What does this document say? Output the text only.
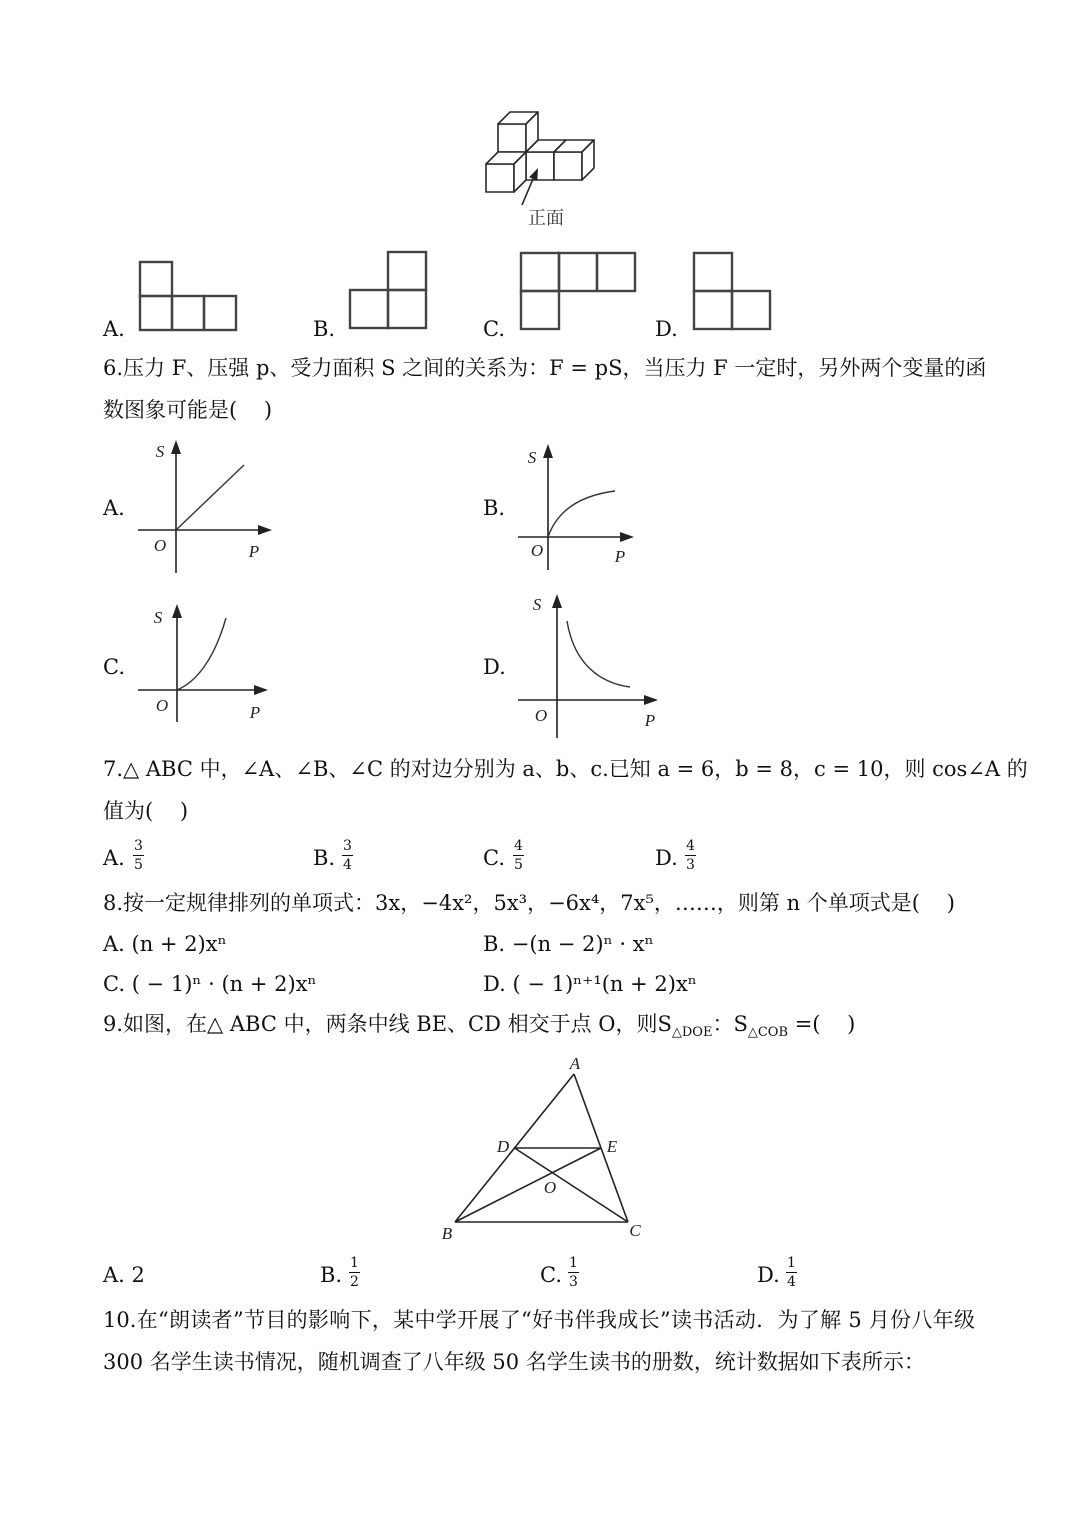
正面
A.	B.	C.	D.
6.压力 F、压强 p、受力面积 S 之间的关系为：F = pS，当压力 F 一定时，另外两个变量的函
数图象可能是(    )
A.
S
O	P
B.
S
O	P
C.
S
O	P
D.
S
O	P
7.△ ABC 中，∠A、∠B、∠C 的对边分别为 a、b、c.已知 a = 6，b = 8，c = 10，则 cos∠A 的
值为(    )
A. $\frac{3}{5}$	B. $\frac{3}{4}$	C. $\frac{4}{5}$	D. $\frac{4}{3}$
8.按一定规律排列的单项式：3x，−4x²，5x³，−6x⁴，7x⁵，……，则第 n 个单项式是(    )
A. (n + 2)xⁿ	B. −(n − 2)ⁿ · xⁿ
C. ( − 1)ⁿ · (n + 2)xⁿ	D. ( − 1)ⁿ⁺¹(n + 2)xⁿ
9.如图，在△ ABC 中，两条中线 BE、CD 相交于点 O，则$S_{\triangle DOE}$：$S_{\triangle COB}$ =(    )
A
B	C
D	E
O
A. 2	B. $\frac{1}{2}$	C. $\frac{1}{3}$	D. $\frac{1}{4}$
10.在“朗读者”节目的影响下，某中学开展了“好书伴我成长”读书活动．为了解 5 月份八年级
300 名学生读书情况，随机调查了八年级 50 名学生读书的册数，统计数据如下表所示：
